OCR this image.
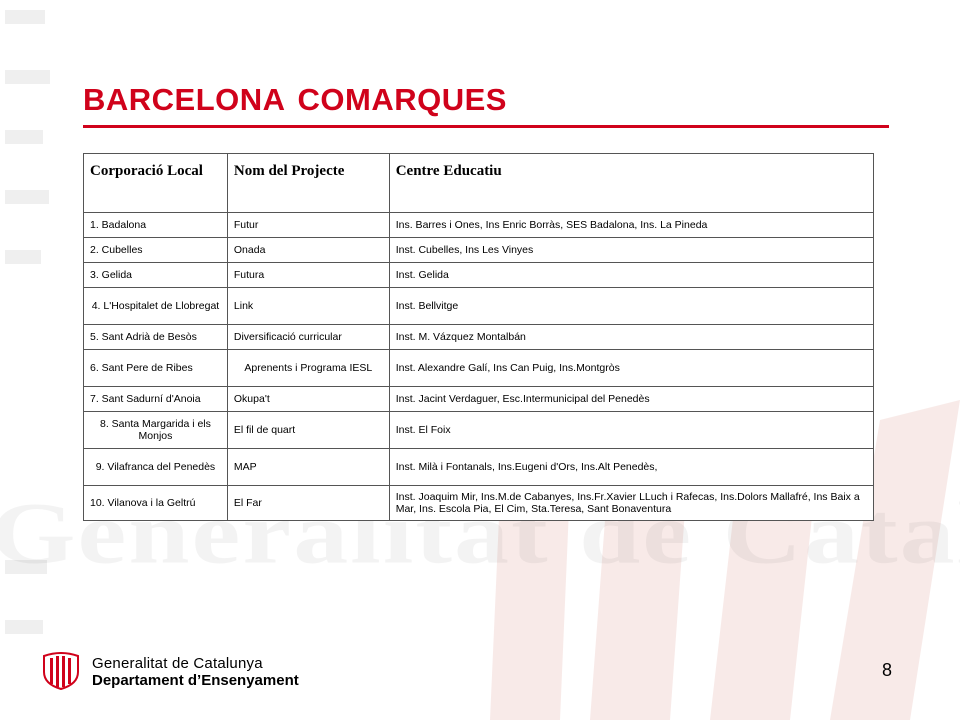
BARCELONA COMARQUES
Corporació Local	Nom del Projecte	Centre Educatiu
1. Badalona	Futur	Ins. Barres i Ones, Ins Enric Borràs, SES Badalona, Ins. La Pineda
2. Cubelles	Onada	Inst. Cubelles, Ins Les Vinyes
3. Gelida	Futura	Inst. Gelida
4. L'Hospitalet de Llobregat	Link	Inst. Bellvitge
5. Sant Adrià de Besòs	Diversificació curricular	Inst. M. Vázquez Montalbán
6. Sant Pere de Ribes	Aprenents i Programa IESL	Inst. Alexandre Galí, Ins Can Puig, Ins.Montgròs
7. Sant Sadurní d'Anoia	Okupa't	Inst. Jacint Verdaguer, Esc.Intermunicipal del Penedès
8. Santa Margarida i els Monjos	El fil de quart	Inst. El Foix
9. Vilafranca del Penedès	MAP	Inst. Milà i Fontanals, Ins.Eugeni d'Ors, Ins.Alt Penedès,
10. Vilanova i la Geltrú	El Far	Inst. Joaquim Mir, Ins.M.de Cabanyes, Ins.Fr.Xavier LLuch i Rafecas, Ins.Dolors Mallafré, Ins Baix a Mar, Ins. Escola Pia, El Cim, Sta.Teresa, Sant Bonaventura
Generalitat de Catalunya
Departament d’Ensenyament
8
